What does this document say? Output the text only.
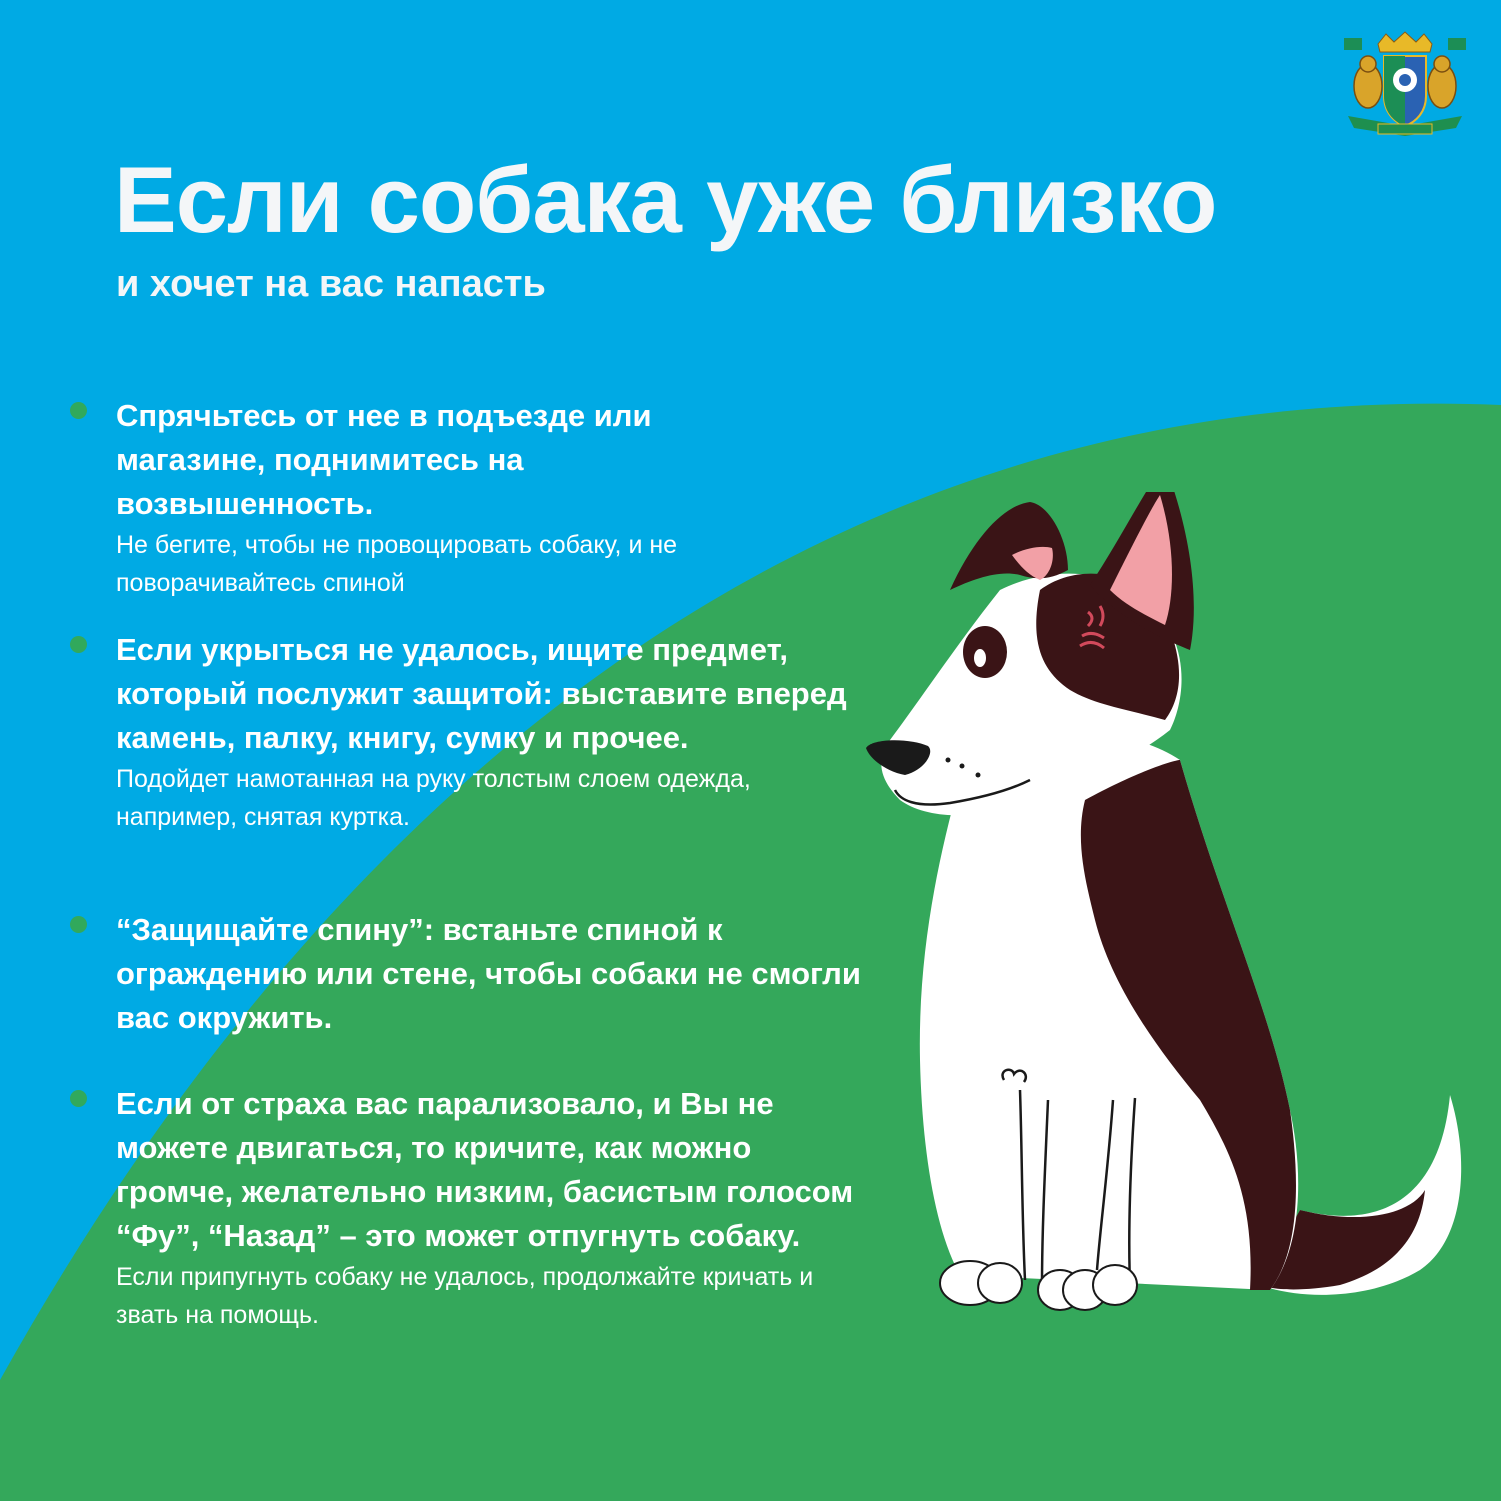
Если собака уже близко
и хочет на вас напасть

Спрячьтесь от нее в подъезде или магазине, поднимитесь на возвышенность.

Не бегите, чтобы не провоцировать собаку, и не поворачивайтесь спиной

Если укрыться не удалось, ищите предмет, который послужит защитой: выставите вперед камень, палку, книгу, сумку и прочее.

Подойдет намотанная на руку толстым слоем одежда, например, снятая куртка.

“Защищайте спину”: встаньте спиной к ограждению или стене, чтобы собаки не смогли вас окружить.

Если от страха вас парализовало, и Вы не можете двигаться, то кричите, как можно громче, желательно низким, басистым голосом “Фу”, “Назад” – это может отпугнуть собаку.

Если припугнуть собаку не удалось, продолжайте кричать и звать на помощь.
